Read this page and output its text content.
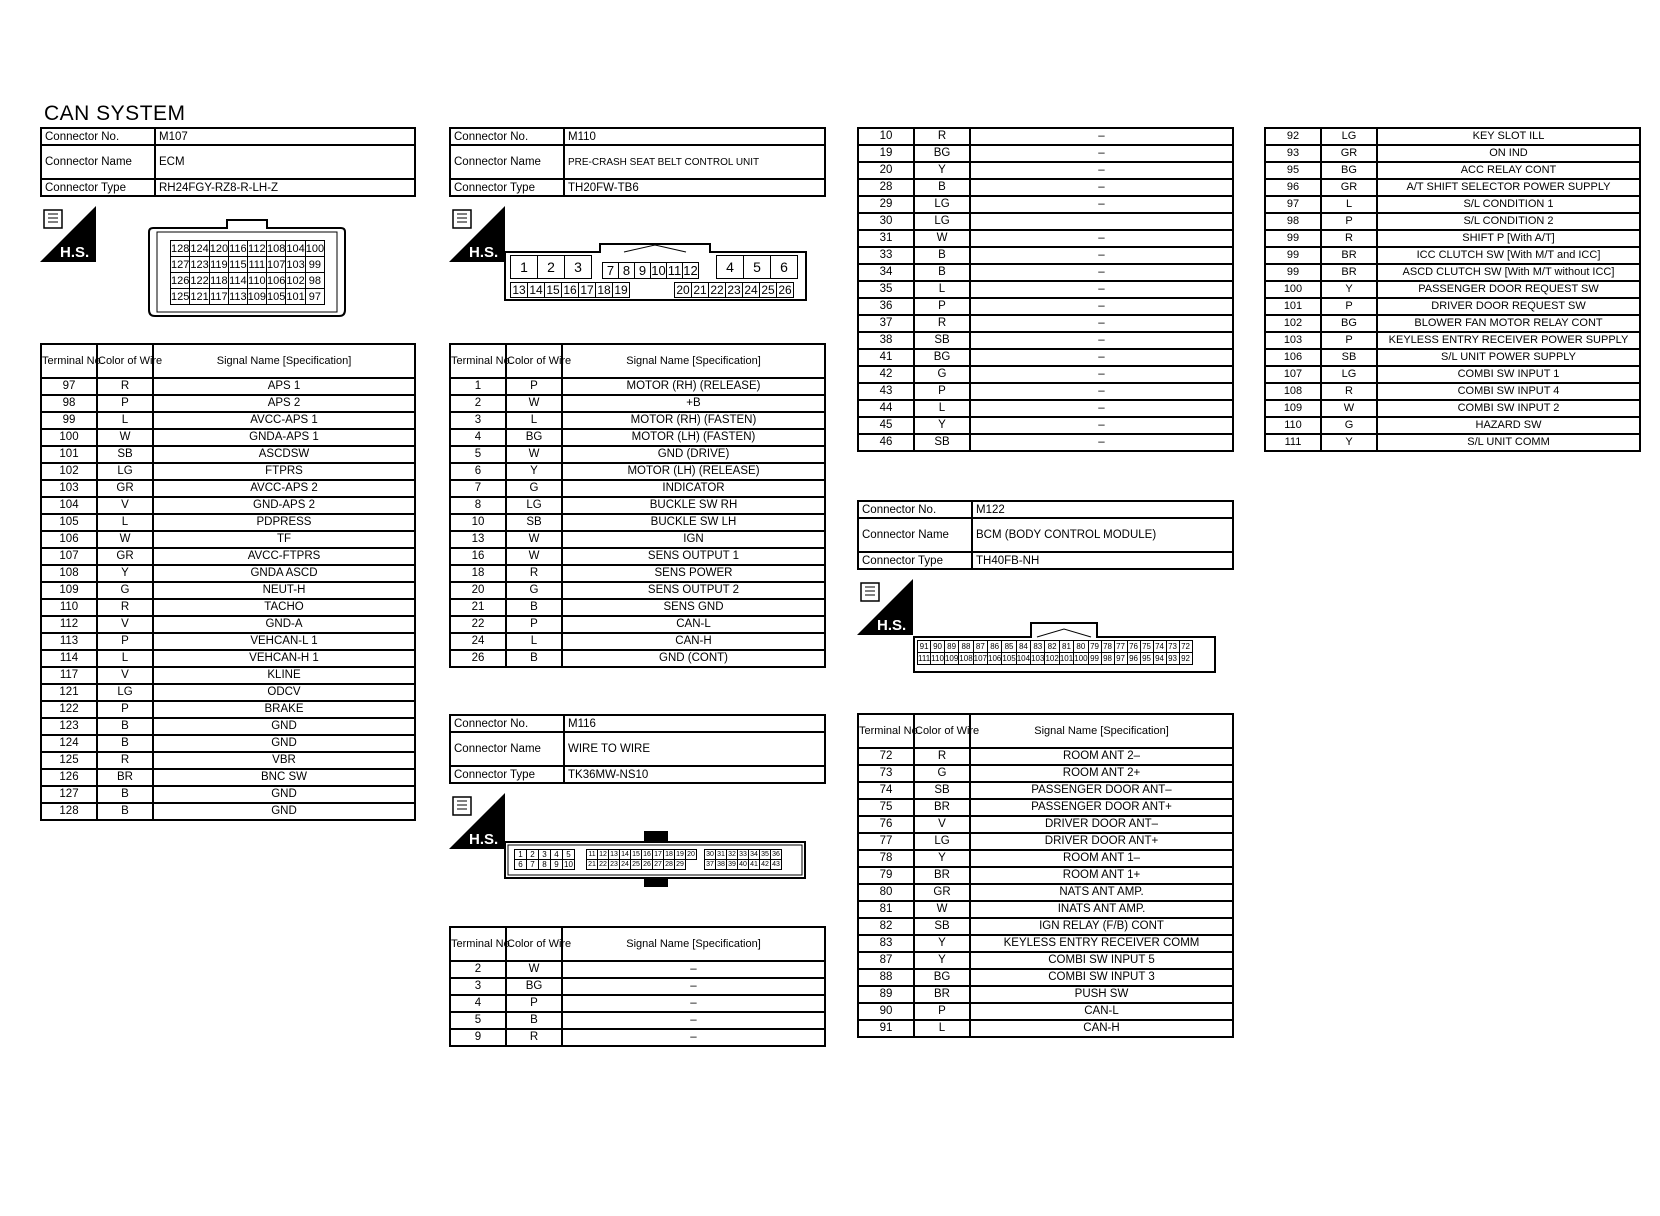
CAN SYSTEM
Connector No.	M107
Connector Name	ECM
Connector Type	RH24FGY-RZ8-R-LH-Z
H.S.	128	124	120	116	112	108	104	100
127	123	119	115	111	107	103	99
126	122	118	114	110	106	102	98
125	121	117	113	109	105	101	97
Terminal No.	Color of Wire	Signal Name [Specification]
97	R	APS 1
98	P	APS 2
99	L	AVCC-APS 1
100	W	GNDA-APS 1
101	SB	ASCDSW
102	LG	FTPRS
103	GR	AVCC-APS 2
104	V	GND-APS 2
105	L	PDPRESS
106	W	TF
107	GR	AVCC-FTPRS
108	Y	GNDA ASCD
109	G	NEUT-H
110	R	TACHO
112	V	GND-A
113	P	VEHCAN-L 1
114	L	VEHCAN-H 1
117	V	KLINE
121	LG	ODCV
122	P	BRAKE
123	B	GND
124	B	GND
125	R	VBR
126	BR	BNC SW
127	B	GND
128	B	GND
Connector No.	M110
Connector Name	PRE-CRASH SEAT BELT CONTROL UNIT
Connector Type	TH20FW-TB6
H.S.
1	2	3 7	8	9	10	11	12 4	5	6
13	14	15	16	17	18	19	20	21	22	23	24	25	26
Terminal No.	Color of Wire	Signal Name [Specification]
1	P	MOTOR (RH) (RELEASE)
2	W	+B
3	L	MOTOR (RH) (FASTEN)
4	BG	MOTOR (LH) (FASTEN)
5	W	GND (DRIVE)
6	Y	MOTOR (LH) (RELEASE)
7	G	INDICATOR
8	LG	BUCKLE SW RH
10	SB	BUCKLE SW LH
13	W	IGN
16	W	SENS OUTPUT 1
18	R	SENS POWER
20	G	SENS OUTPUT 2
21	B	SENS GND
22	P	CAN-L
24	L	CAN-H
26	B	GND (CONT)
Connector No.	M116
Connector Name	WIRE TO WIRE
Connector Type	TK36MW-NS10
H.S.
1	2	3	4	5
6	7	8	9	10
11	12	13	14	15	16	17	18	19	20
21	22	23	24	25	26	27	28	29	
30	31	32	33	34	35	36
37	38	39	40	41	42	43
Terminal No.	Color of Wire	Signal Name [Specification]
2	W	–
3	BG	–
4	P	–
5	B	–
9	R	–
10	R	–
19	BG	–
20	Y	–
28	B	–
29	LG	–
30	LG	
31	W	–
33	B	–
34	B	–
35	L	–
36	P	–
37	R	–
38	SB	–
41	BG	–
42	G	–
43	P	–
44	L	–
45	Y	–
46	SB	–
Connector No.	M122
Connector Name	BCM (BODY CONTROL MODULE)
Connector Type	TH40FB-NH
H.S.
91	90	89	88	87	86	85	84	83	82	81	80	79	78	77	76	75	74	73	72
111	110	109	108	107	106	105	104	103	102	101	100	99	98	97	96	95	94	93	92
Terminal No.	Color of Wire	Signal Name [Specification]
72	R	ROOM ANT 2–
73	G	ROOM ANT 2+
74	SB	PASSENGER DOOR ANT–
75	BR	PASSENGER DOOR ANT+
76	V	DRIVER DOOR ANT–
77	LG	DRIVER DOOR ANT+
78	Y	ROOM ANT 1–
79	BR	ROOM ANT 1+
80	GR	NATS ANT AMP.
81	W	INATS ANT AMP.
82	SB	IGN RELAY (F/B) CONT
83	Y	KEYLESS ENTRY RECEIVER COMM
87	Y	COMBI SW INPUT 5
88	BG	COMBI SW INPUT 3
89	BR	PUSH SW
90	P	CAN-L
91	L	CAN-H
92	LG	KEY SLOT ILL
93	GR	ON IND
95	BG	ACC RELAY CONT
96	GR	A/T SHIFT SELECTOR POWER SUPPLY
97	L	S/L CONDITION 1
98	P	S/L CONDITION 2
99	R	SHIFT P [With A/T]
99	BR	ICC CLUTCH SW [With M/T and ICC]
99	BR	ASCD CLUTCH SW [With M/T without ICC]
100	Y	PASSENGER DOOR REQUEST SW
101	P	DRIVER DOOR REQUEST SW
102	BG	BLOWER FAN MOTOR RELAY CONT
103	P	KEYLESS ENTRY RECEIVER POWER SUPPLY
106	SB	S/L UNIT POWER SUPPLY
107	LG	COMBI SW INPUT 1
108	R	COMBI SW INPUT 4
109	W	COMBI SW INPUT 2
110	G	HAZARD SW
111	Y	S/L UNIT COMM
